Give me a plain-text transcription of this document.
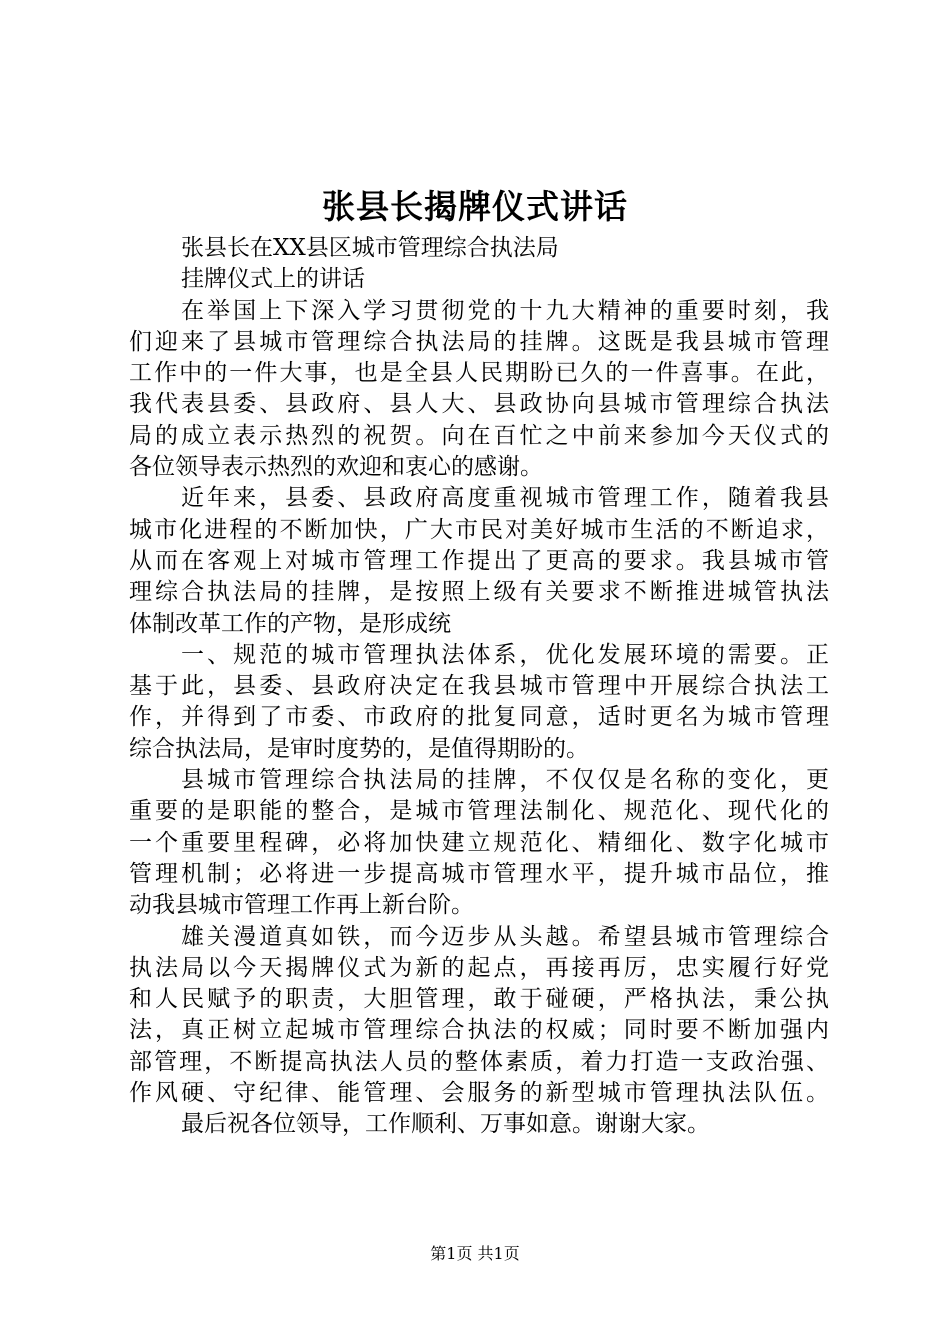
张县长揭牌仪式讲话
张县长在XX县区城市管理综合执法局
挂牌仪式上的讲话
在举国上下深入学习贯彻党的十九大精神的重要时刻，我
们迎来了县城市管理综合执法局的挂牌。这既是我县城市管理
工作中的一件大事，也是全县人民期盼已久的一件喜事。在此，
我代表县委、县政府、县人大、县政协向县城市管理综合执法
局的成立表示热烈的祝贺。向在百忙之中前来参加今天仪式的
各位领导表示热烈的欢迎和衷心的感谢。
近年来，县委、县政府高度重视城市管理工作，随着我县
城市化进程的不断加快，广大市民对美好城市生活的不断追求，
从而在客观上对城市管理工作提出了更高的要求。我县城市管
理综合执法局的挂牌，是按照上级有关要求不断推进城管执法
体制改革工作的产物，是形成统
一、规范的城市管理执法体系，优化发展环境的需要。正
基于此，县委、县政府决定在我县城市管理中开展综合执法工
作，并得到了市委、市政府的批复同意，适时更名为城市管理
综合执法局，是审时度势的，是值得期盼的。
县城市管理综合执法局的挂牌，不仅仅是名称的变化，更
重要的是职能的整合，是城市管理法制化、规范化、现代化的
一个重要里程碑，必将加快建立规范化、精细化、数字化城市
管理机制；必将进一步提高城市管理水平，提升城市品位，推
动我县城市管理工作再上新台阶。
雄关漫道真如铁，而今迈步从头越。希望县城市管理综合
执法局以今天揭牌仪式为新的起点，再接再厉，忠实履行好党
和人民赋予的职责，大胆管理，敢于碰硬，严格执法，秉公执
法，真正树立起城市管理综合执法的权威；同时要不断加强内
部管理，不断提高执法人员的整体素质，着力打造一支政治强、
作风硬、守纪律、能管理、会服务的新型城市管理执法队伍。
最后祝各位领导，工作顺利、万事如意。谢谢大家。
第1页 共1页
